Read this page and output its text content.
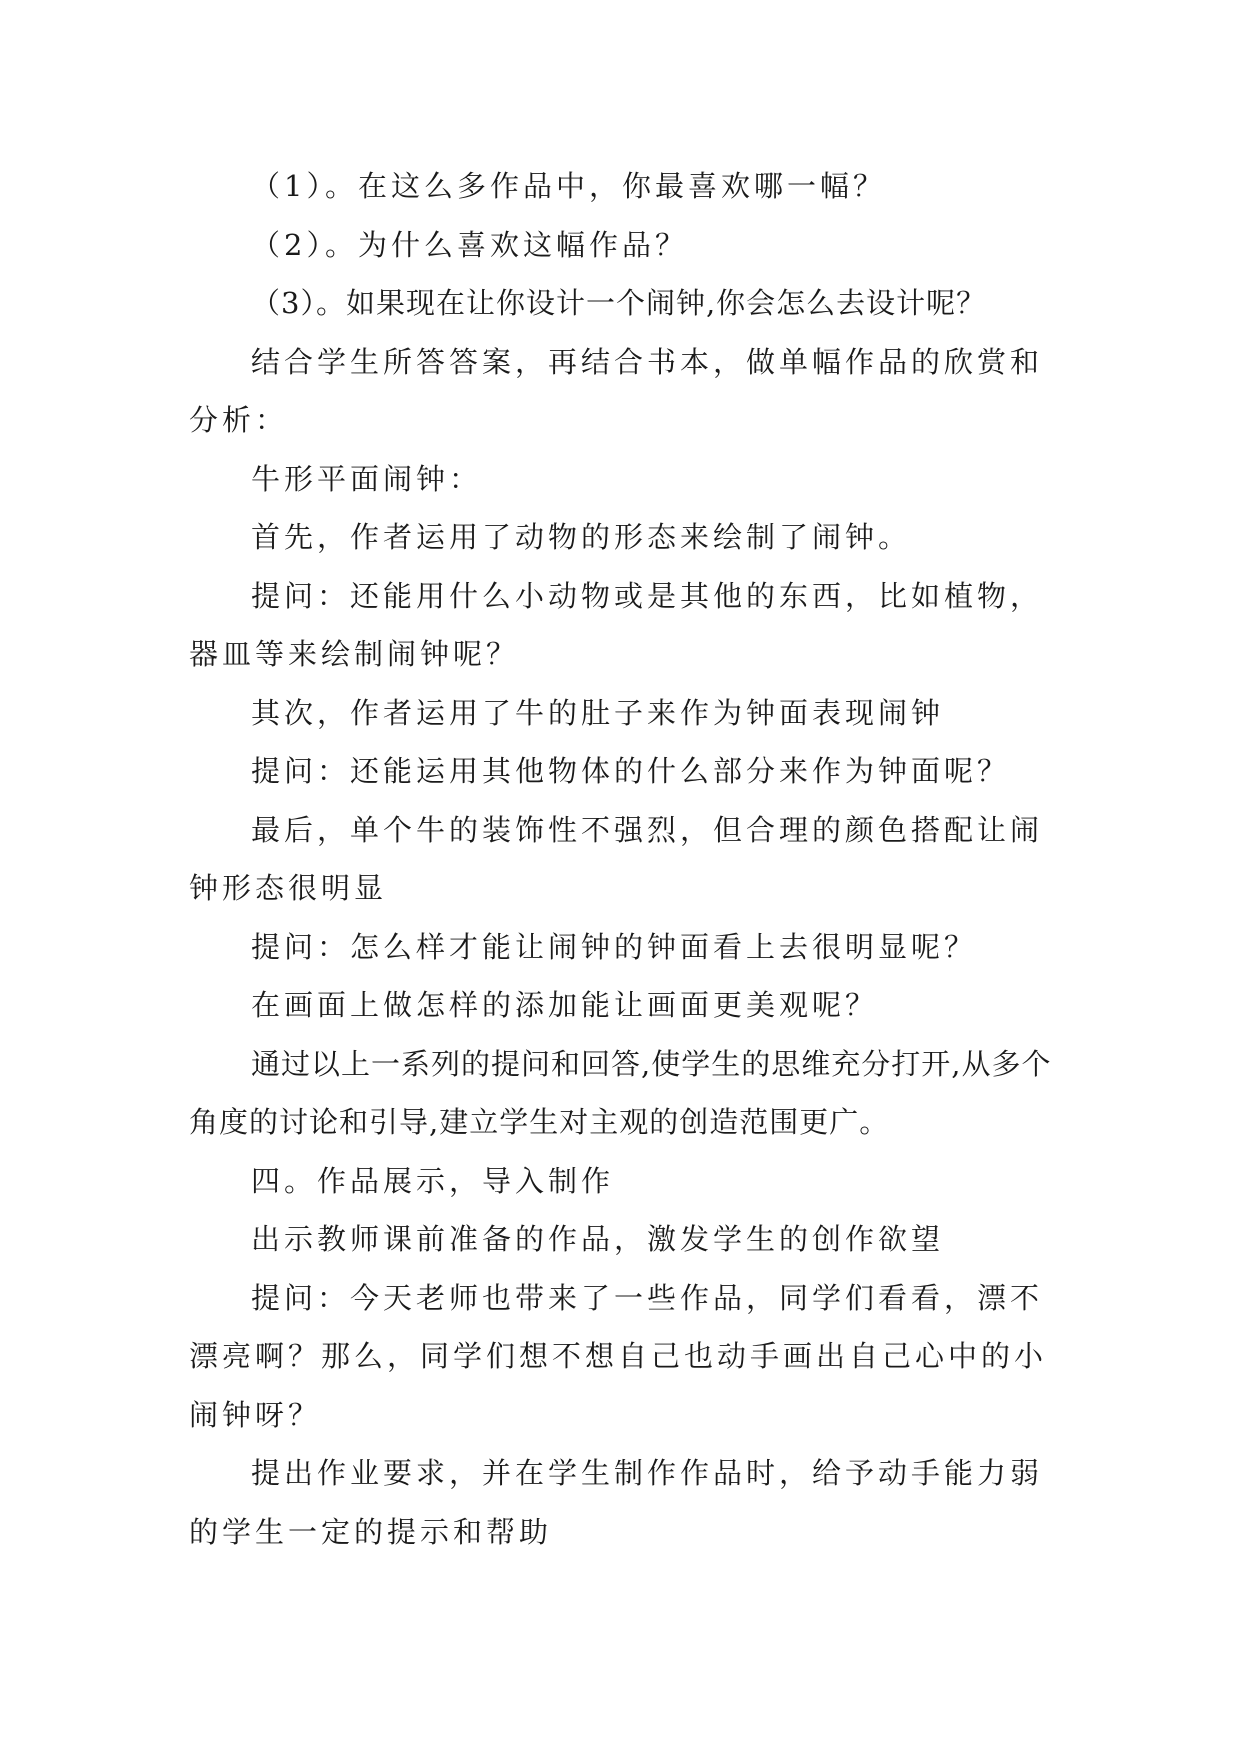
（1）。在这么多作品中，你最喜欢哪一幅？

（2）。为什么喜欢这幅作品？

（3）。如果现在让你设计一个闹钟,你会怎么去设计呢？

结合学生所答答案，再结合书本，做单幅作品的欣赏和分析：

牛形平面闹钟：

首先，作者运用了动物的形态来绘制了闹钟。

提问：还能用什么小动物或是其他的东西，比如植物，器皿等来绘制闹钟呢？

其次，作者运用了牛的肚子来作为钟面表现闹钟

提问：还能运用其他物体的什么部分来作为钟面呢？

最后，单个牛的装饰性不强烈，但合理的颜色搭配让闹钟形态很明显

提问：怎么样才能让闹钟的钟面看上去很明显呢？

在画面上做怎样的添加能让画面更美观呢？

通过以上一系列的提问和回答,使学生的思维充分打开,从多个角度的讨论和引导,建立学生对主观的创造范围更广。

四。作品展示，导入制作

出示教师课前准备的作品，激发学生的创作欲望

提问：今天老师也带来了一些作品，同学们看看，漂不漂亮啊？那么，同学们想不想自己也动手画出自己心中的小闹钟呀？

提出作业要求，并在学生制作作品时，给予动手能力弱的学生一定的提示和帮助
